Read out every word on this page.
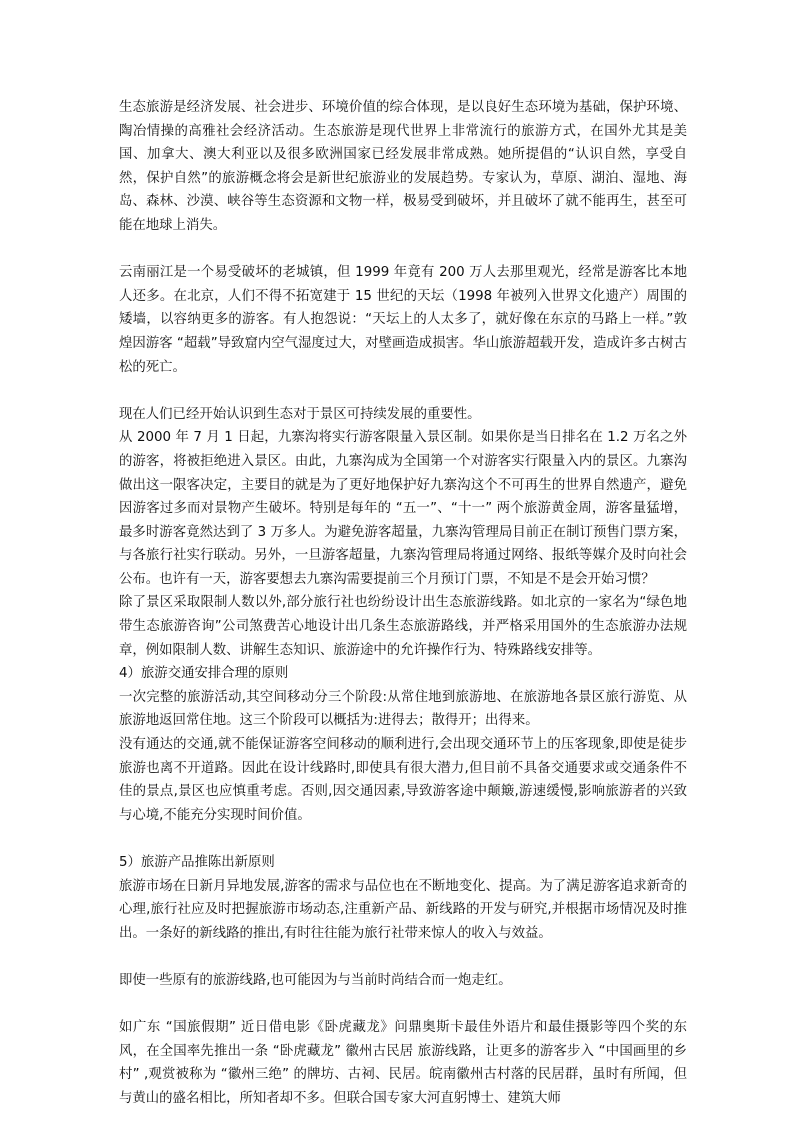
生态旅游是经济发展、社会进步、环境价值的综合体现，是以良好生态环境为基础，保护环境、陶冶情操的高雅社会经济活动。生态旅游是现代世界上非常流行的旅游方式，在国外尤其是美国、加拿大、澳大利亚以及很多欧洲国家已经发展非常成熟。她所提倡的“认识自然，享受自然，保护自然”的旅游概念将会是新世纪旅游业的发展趋势。专家认为，草原、湖泊、湿地、海岛、森林、沙漠、峡谷等生态资源和文物一样，极易受到破坏，并且破坏了就不能再生，甚至可能在地球上消失。

云南丽江是一个易受破坏的老城镇，但 1999 年竟有 200 万人去那里观光，经常是游客比本地人还多。在北京，人们不得不拓宽建于 15 世纪的天坛（1998 年被列入世界文化遗产）周围的矮墙，以容纳更多的游客。有人抱怨说：“天坛上的人太多了，就好像在东京的马路上一样。”敦煌因游客 “超载”导致窟内空气湿度过大，对壁画造成损害。华山旅游超载开发，造成许多古树古松的死亡。

现在人们已经开始认识到生态对于景区可持续发展的重要性。

从 2000 年 7 月 1 日起，九寨沟将实行游客限量入景区制。如果你是当日排名在 1.2 万名之外的游客，将被拒绝进入景区。由此，九寨沟成为全国第一个对游客实行限量入内的景区。九寨沟做出这一限客决定，主要目的就是为了更好地保护好九寨沟这个不可再生的世界自然遗产，避免因游客过多而对景物产生破坏。特别是每年的 “五一”、“十一” 两个旅游黄金周，游客量猛增，最多时游客竟然达到了 3 万多人。为避免游客超量，九寨沟管理局目前正在制订预售门票方案，与各旅行社实行联动。另外，一旦游客超量，九寨沟管理局将通过网络、报纸等媒介及时向社会公布。也许有一天，游客要想去九寨沟需要提前三个月预订门票，不知是不是会开始习惯？

除了景区采取限制人数以外,部分旅行社也纷纷设计出生态旅游线路。如北京的一家名为“绿色地带生态旅游咨询”公司煞费苦心地设计出几条生态旅游路线，并严格采用国外的生态旅游办法规章，例如限制人数、讲解生态知识、旅游途中的允许操作行为、特殊路线安排等。

4）旅游交通安排合理的原则

一次完整的旅游活动,其空间移动分三个阶段:从常住地到旅游地、在旅游地各景区旅行游览、从旅游地返回常住地。这三个阶段可以概括为:进得去；散得开；出得来。

没有通达的交通,就不能保证游客空间移动的顺利进行,会出现交通环节上的压客现象,即使是徒步旅游也离不开道路。因此在设计线路时,即使具有很大潜力,但目前不具备交通要求或交通条件不佳的景点,景区也应慎重考虑。否则,因交通因素,导致游客途中颠簸,游速缓慢,影响旅游者的兴致与心境,不能充分实现时间价值。

5）旅游产品推陈出新原则

旅游市场在日新月异地发展,游客的需求与品位也在不断地变化、提高。为了满足游客追求新奇的心理,旅行社应及时把握旅游市场动态,注重新产品、新线路的开发与研究,并根据市场情况及时推出。一条好的新线路的推出,有时往往能为旅行社带来惊人的收入与效益。

即使一些原有的旅游线路,也可能因为与当前时尚结合而一炮走红。

如广东 “国旅假期” 近日借电影《卧虎藏龙》问鼎奥斯卡最佳外语片和最佳摄影等四个奖的东风，在全国率先推出一条 “卧虎藏龙” 徽州古民居 旅游线路，让更多的游客步入 “中国画里的乡村” ,观赏被称为 “徽州三绝” 的牌坊、古祠、民居。皖南徽州古村落的民居群，虽时有所闻，但与黄山的盛名相比，所知者却不多。但联合国专家大河直躬博士、建筑大师
